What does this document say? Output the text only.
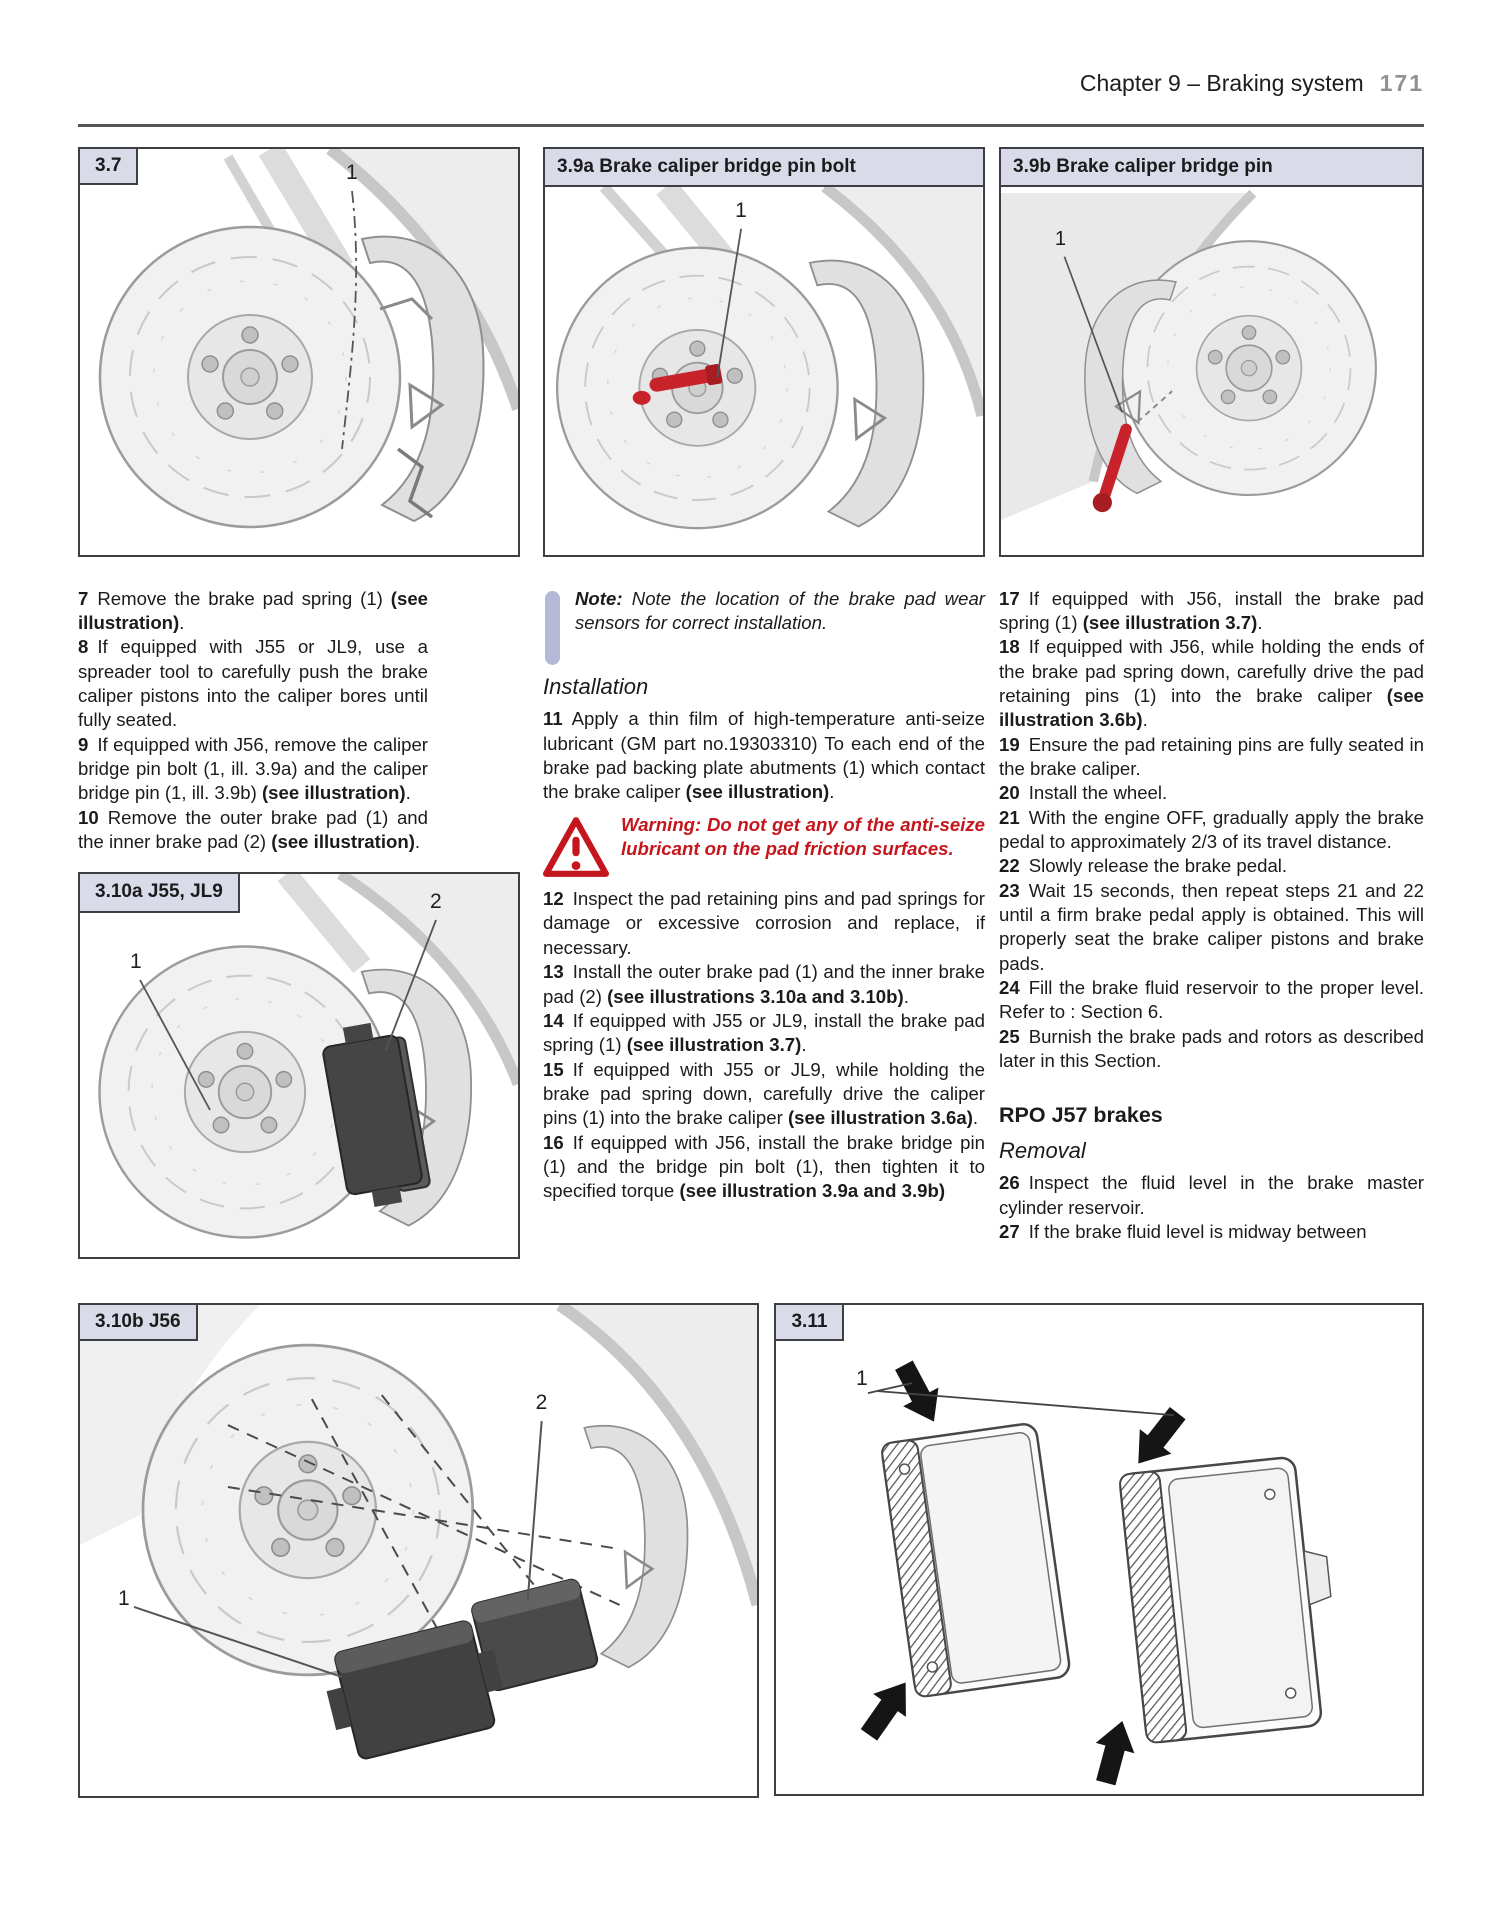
Chapter 9 – Braking system 171
3.7	1	3.9a Brake caliper bridge pin bolt
1
3.9b Brake caliper bridge pin
1

7 Remove the brake pad spring (1) (see illustration).

8 If equipped with J55 or JL9, use a spreader tool to carefully push the brake caliper pistons into the caliper bores until fully seated.

9 If equipped with J56, remove the caliper bridge pin bolt (1, ill. 3.9a) and the caliper bridge pin (1, ill. 3.9b) (see illustration).

10 Remove the outer brake pad (1) and the inner brake pad (2) (see illustration).

3.10a J55, JL9	2
1

Note: Note the location of the brake pad wear sensors for correct installation.

Installation

11 Apply a thin film of high-temperature anti-seize lubricant (GM part no.19303310) To each end of the brake pad backing plate abutments (1) which contact the brake caliper (see illustration).

Warning: Do not get any of the anti-seize lubricant on the pad friction surfaces.

12 Inspect the pad retaining pins and pad springs for damage or excessive corrosion and replace, if necessary.

13 Install the outer brake pad (1) and the inner brake pad (2) (see illustrations 3.10a and 3.10b).

14 If equipped with J55 or JL9, install the brake pad spring (1) (see illustration 3.7).

15 If equipped with J55 or JL9, while holding the brake pad spring down, carefully drive the caliper pins (1) into the brake caliper (see illustration 3.6a).

16 If equipped with J56, install the brake bridge pin (1) and the bridge pin bolt (1), then tighten it to specified torque (see illustration 3.9a and 3.9b)

17 If equipped with J56, install the brake pad spring (1) (see illustration 3.7).

18 If equipped with J56, while holding the ends of the brake pad spring down, carefully drive the pad retaining pins (1) into the brake caliper (see illustration 3.6b).

19 Ensure the pad retaining pins are fully seated in the brake caliper.

20 Install the wheel.

21 With the engine OFF, gradually apply the brake pedal to approximately 2/3 of its travel distance.

22 Slowly release the brake pedal.

23 Wait 15 seconds, then repeat steps 21 and 22 until a firm brake pedal apply is obtained. This will properly seat the brake caliper pistons and brake pads.

24 Fill the brake fluid reservoir to the proper level. Refer to : Section 6.

25 Burnish the brake pads and rotors as described later in this Section.

RPO J57 brakes
Removal

26 Inspect the fluid level in the brake master cylinder reservoir.

27 If the brake fluid level is midway between

3.10b J56
2
1
3.11
1
